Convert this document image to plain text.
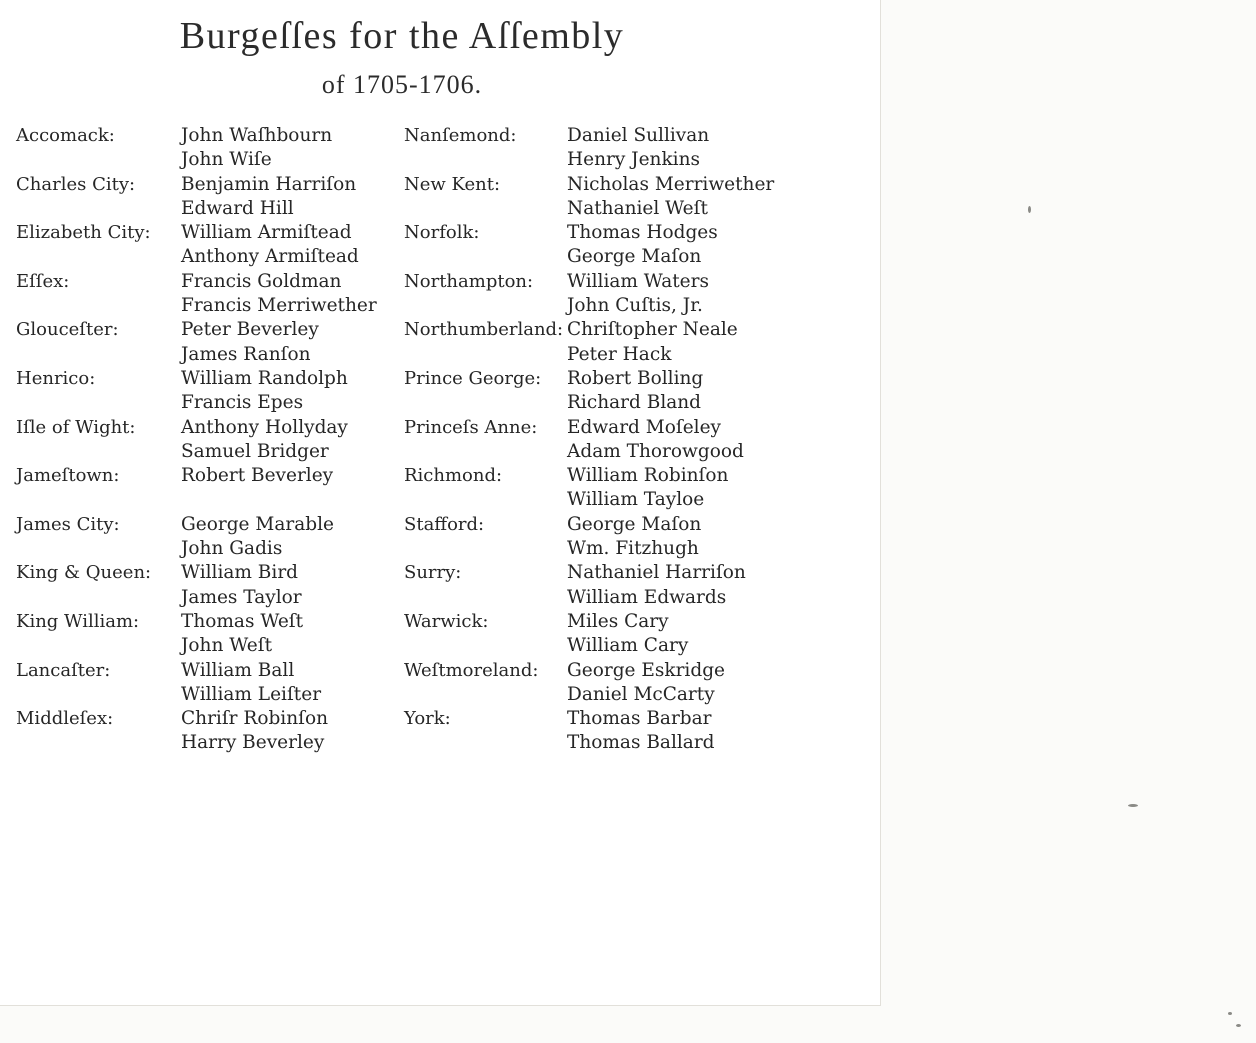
Burgeſſes for the Aſſembly
of 1705-1706.
Accomack:	John Waſhbourn
John Wiſe
Charles City:	Benjamin Harriſon
Edward Hill
Elizabeth City:	William Armiſtead
Anthony Armiſtead
Eſſex:	Francis Goldman
Francis Merriwether
Glouceſter:	Peter Beverley
James Ranſon
Henrico:	William Randolph
Francis Epes
Iſle of Wight:	Anthony Hollyday
Samuel Bridger
Jameſtown:	Robert Beverley

James City:	George Marable
John Gadis
King & Queen:	William Bird
James Taylor
King William:	Thomas Weſt
John Weſt
Lancaſter:	William Ball
William Leiſter
Middleſex:	Chriſr Robinſon
Harry Beverley
Nanſemond:	Daniel Sullivan
Henry Jenkins
New Kent:	Nicholas Merriwether
Nathaniel Weſt
Norfolk:	Thomas Hodges
George Maſon
Northampton:	William Waters
John Cuſtis, Jr.
Northumberland: Chriſtopher Neale
Peter Hack
Prince George:	Robert Bolling
Richard Bland
Princeſs Anne:	Edward Moſeley
Adam Thorowgood
Richmond:	William Robinſon
William Tayloe
Stafford:	George Maſon
Wm. Fitzhugh
Surry:	Nathaniel Harriſon
William Edwards
Warwick:	Miles Cary
William Cary
Weſtmoreland:	George Eskridge
Daniel McCarty
York:	Thomas Barbar
Thomas Ballard
